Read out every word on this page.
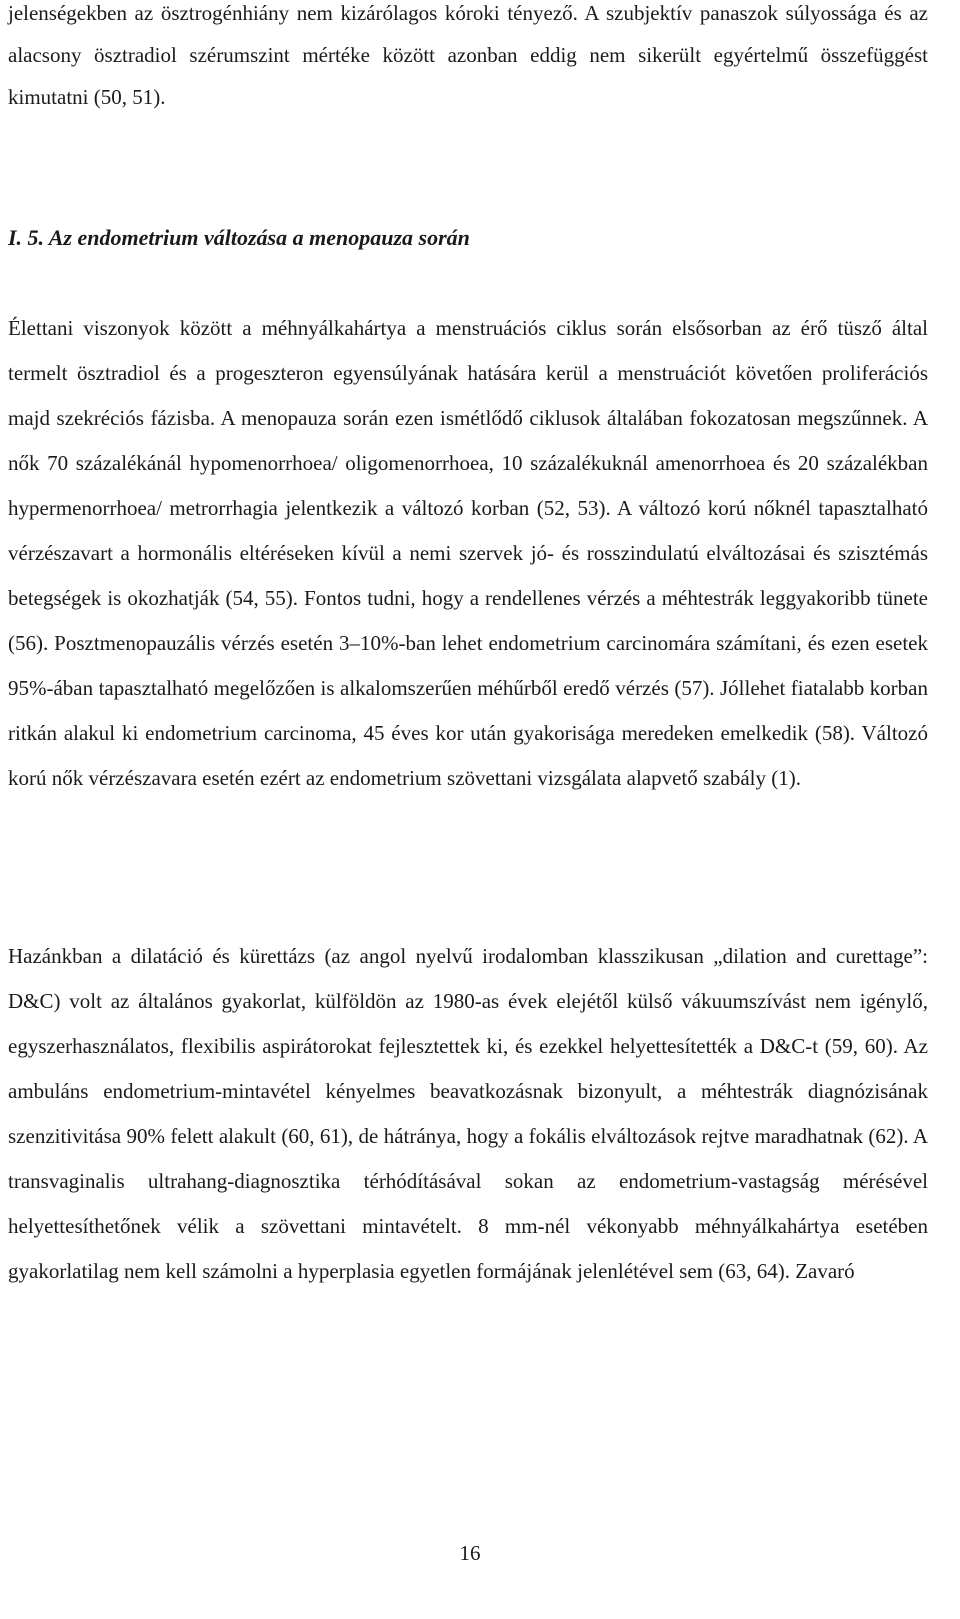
jelenségekben az ösztrogénhiány nem kizárólagos kóroki tényező. A szubjektív panaszok súlyossága és az alacsony ösztradiol szérumszint mértéke között azonban eddig nem sikerült egyértelmű összefüggést kimutatni (50, 51).

I. 5. Az endometrium változása a menopauza során

Élettani viszonyok között a méhnyálkahártya a menstruációs ciklus során elsősorban az érő tüsző által termelt ösztradiol és a progeszteron egyensúlyának hatására kerül a menstruációt követően proliferációs majd szekréciós fázisba. A menopauza során ezen ismétlődő ciklusok általában fokozatosan megszűnnek. A nők 70 százalékánál hypomenorrhoea/ oligomenorrhoea, 10 százalékuknál amenorrhoea és 20 százalékban hypermenorrhoea/ metrorrhagia jelentkezik a változó korban (52, 53). A változó korú nőknél tapasztalható vérzészavart a hormonális eltéréseken kívül a nemi szervek jó- és rosszindulatú elváltozásai és szisztémás betegségek is okozhatják (54, 55). Fontos tudni, hogy a rendellenes vérzés a méhtestrák leggyakoribb tünete (56). Posztmenopauzális vérzés esetén 3–10%-ban lehet endometrium carcinomára számítani, és ezen esetek 95%-ában tapasztalható megelőzően is alkalomszerűen méhűrből eredő vérzés (57). Jóllehet fiatalabb korban ritkán alakul ki endometrium carcinoma, 45 éves kor után gyakorisága meredeken emelkedik (58). Változó korú nők vérzészavara esetén ezért az endometrium szövettani vizsgálata alapvető szabály (1).

Hazánkban a dilatáció és kürettázs (az angol nyelvű irodalomban klasszikusan „dilation and curettage”: D&C) volt az általános gyakorlat, külföldön az 1980-as évek elejétől külső vákuumszívást nem igénylő, egyszerhasználatos, flexibilis aspirátorokat fejlesztettek ki, és ezekkel helyettesítették a D&C-t (59, 60). Az ambuláns endometrium-mintavétel kényelmes beavatkozásnak bizonyult, a méhtestrák diagnózisának szenzitivitása 90% felett alakult (60, 61), de hátránya, hogy a fokális elváltozások rejtve maradhatnak (62). A transvaginalis ultrahang-diagnosztika térhódításával sokan az endometrium-vastagság mérésével helyettesíthetőnek vélik a szövettani mintavételt. 8 mm-nél vékonyabb méhnyálkahártya esetében gyakorlatilag nem kell számolni a hyperplasia egyetlen formájának jelenlétével sem (63, 64). Zavaró

16
